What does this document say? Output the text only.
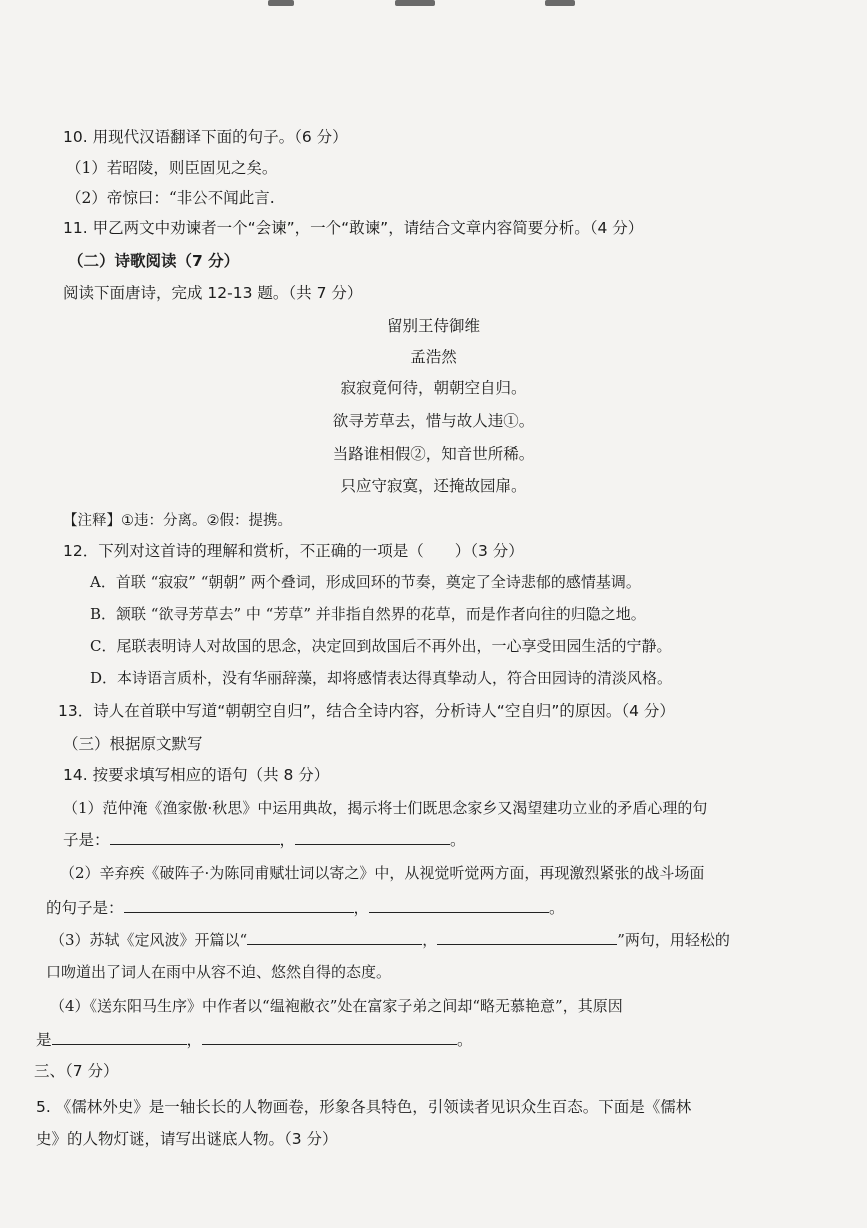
10. 用现代汉语翻译下面的句子。（6 分）
（1）若昭陵，则臣固见之矣。
（2）帝惊曰：“非公不闻此言.
11. 甲乙两文中劝谏者一个“会谏”，一个“敢谏”，请结合文章内容简要分析。（4 分）
（二）诗歌阅读（7 分）
阅读下面唐诗，完成 12-13 题。（共 7 分）
留别王侍御维
孟浩然
寂寂竟何待，朝朝空自归。
欲寻芳草去，惜与故人违①。
当路谁相假②，知音世所稀。
只应守寂寞，还掩故园扉。
【注释】①违：分离。②假：提携。
12．下列对这首诗的理解和赏析，不正确的一项是（　　）（3 分）
A．首联 “寂寂” “朝朝” 两个叠词，形成回环的节奏，奠定了全诗悲郁的感情基调。
B．颔联 “欲寻芳草去” 中 “芳草” 并非指自然界的花草，而是作者向往的归隐之地。
C．尾联表明诗人对故国的思念，决定回到故国后不再外出，一心享受田园生活的宁静。
D．本诗语言质朴，没有华丽辞藻，却将感情表达得真挚动人，符合田园诗的清淡风格。
13．诗人在首联中写道“朝朝空自归”，结合全诗内容，分析诗人“空自归”的原因。（4 分）
（三）根据原文默写
14. 按要求填写相应的语句（共 8 分）
（1）范仲淹《渔家傲·秋思》中运用典故，揭示将士们既思念家乡又渴望建功立业的矛盾心理的句
子是：	，	。
（2）辛弃疾《破阵子·为陈同甫赋壮词以寄之》中，从视觉听觉两方面，再现激烈紧张的战斗场面
的句子是：	，	。
（3）苏轼《定风波》开篇以“	，	”两句，用轻松的
口吻道出了词人在雨中从容不迫、悠然自得的态度。
（4）《送东阳马生序》中作者以“缊袍敝衣”处在富家子弟之间却“略无慕艳意”，其原因
是	，	。
三、（7 分）
5. 《儒林外史》是一轴长长的人物画卷，形象各具特色，引领读者见识众生百态。下面是《儒林
史》的人物灯谜，请写出谜底人物。（3 分）
